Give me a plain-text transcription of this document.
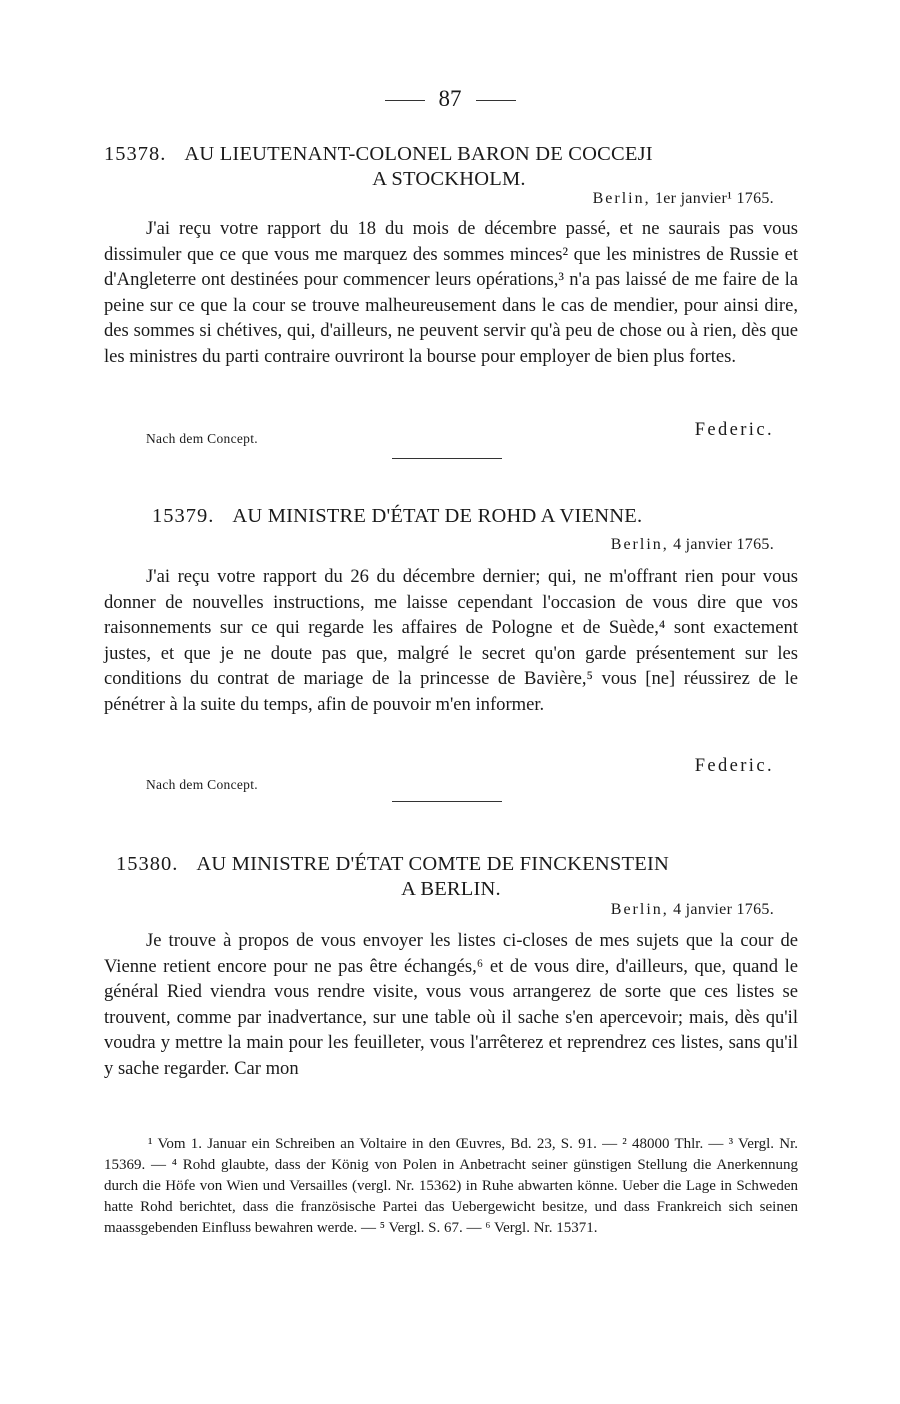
87
15378. AU LIEUTENANT-COLONEL BARON DE COCCEJI
A STOCKHOLM.
Berlin, 1er janvier¹ 1765.

J'ai reçu votre rapport du 18 du mois de décembre passé, et ne saurais pas vous dissimuler que ce que vous me marquez des sommes minces² que les ministres de Russie et d'Angleterre ont destinées pour commencer leurs opérations,³ n'a pas laissé de me faire de la peine sur ce que la cour se trouve malheureusement dans le cas de mendier, pour ainsi dire, des sommes si chétives, qui, d'ailleurs, ne peuvent servir qu'à peu de chose ou à rien, dès que les ministres du parti contraire ouvriront la bourse pour employer de bien plus fortes.

Nach dem Concept.	Federic.
15379. AU MINISTRE D'ÉTAT DE ROHD A VIENNE.
Berlin, 4 janvier 1765.

J'ai reçu votre rapport du 26 du décembre dernier; qui, ne m'offrant rien pour vous donner de nouvelles instructions, me laisse cependant l'occasion de vous dire que vos raisonnements sur ce qui regarde les affaires de Pologne et de Suède,⁴ sont exactement justes, et que je ne doute pas que, malgré le secret qu'on garde présentement sur les conditions du contrat de mariage de la princesse de Bavière,⁵ vous [ne] réussirez de le pénétrer à la suite du temps, afin de pouvoir m'en informer.

Nach dem Concept.
Federic.
15380. AU MINISTRE D'ÉTAT COMTE DE FINCKENSTEIN
A BERLIN.
Berlin, 4 janvier 1765.

Je trouve à propos de vous envoyer les listes ci-closes de mes sujets que la cour de Vienne retient encore pour ne pas être échangés,⁶ et de vous dire, d'ailleurs, que, quand le général Ried viendra vous rendre visite, vous vous arrangerez de sorte que ces listes se trouvent, comme par inadvertance, sur une table où il sache s'en apercevoir; mais, dès qu'il voudra y mettre la main pour les feuilleter, vous l'arrêterez et reprendrez ces listes, sans qu'il y sache regarder. Car mon

¹ Vom 1. Januar ein Schreiben an Voltaire in den Œuvres, Bd. 23, S. 91. — ² 48000 Thlr. — ³ Vergl. Nr. 15369. — ⁴ Rohd glaubte, dass der König von Polen in Anbetracht seiner günstigen Stellung die Anerkennung durch die Höfe von Wien und Versailles (vergl. Nr. 15362) in Ruhe abwarten könne. Ueber die Lage in Schweden hatte Rohd berichtet, dass die französische Partei das Uebergewicht besitze, und dass Frankreich sich seinen maassgebenden Einfluss bewahren werde. — ⁵ Vergl. S. 67. — ⁶ Vergl. Nr. 15371.
